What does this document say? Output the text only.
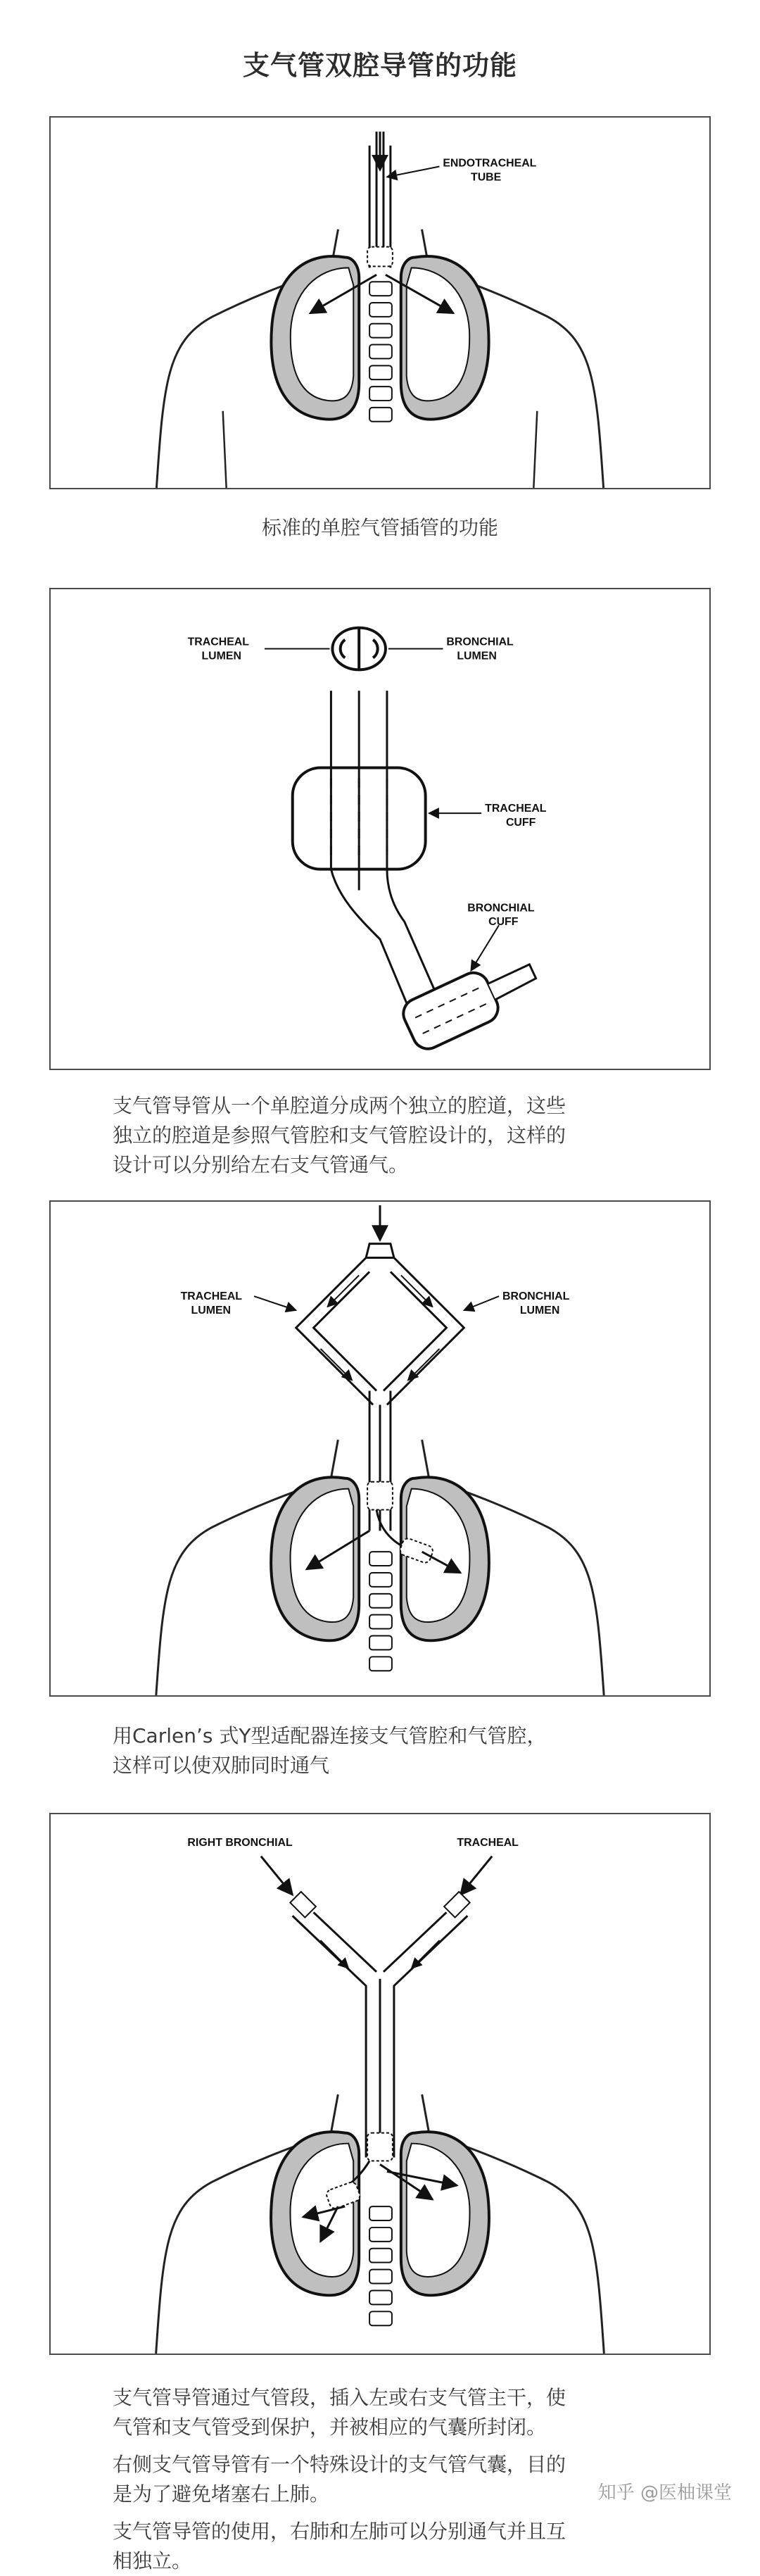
支气管双腔导管的功能
ENDOTRACHEAL
TUBE
标准的单腔气管插管的功能
TRACHEAL
LUMEN
BRONCHIAL
LUMEN
TRACHEAL
CUFF
BRONCHIAL
CUFF

支气管导管从一个单腔道分成两个独立的腔道，这些
独立的腔道是参照气管腔和支气管腔设计的，这样的
设计可以分别给左右支气管通气。

TRACHEAL
LUMEN
BRONCHIAL
LUMEN

用Carlen’s 式Y型适配器连接支气管腔和气管腔，
这样可以使双肺同时通气

RIGHT BRONCHIAL	TRACHEAL

支气管导管通过气管段，插入左或右支气管主干，使
气管和支气管受到保护，并被相应的气囊所封闭。

右侧支气管导管有一个特殊设计的支气管气囊，目的
是为了避免堵塞右上肺。

支气管导管的使用，右肺和左肺可以分别通气并且互
相独立。

知乎 @医柚课堂
